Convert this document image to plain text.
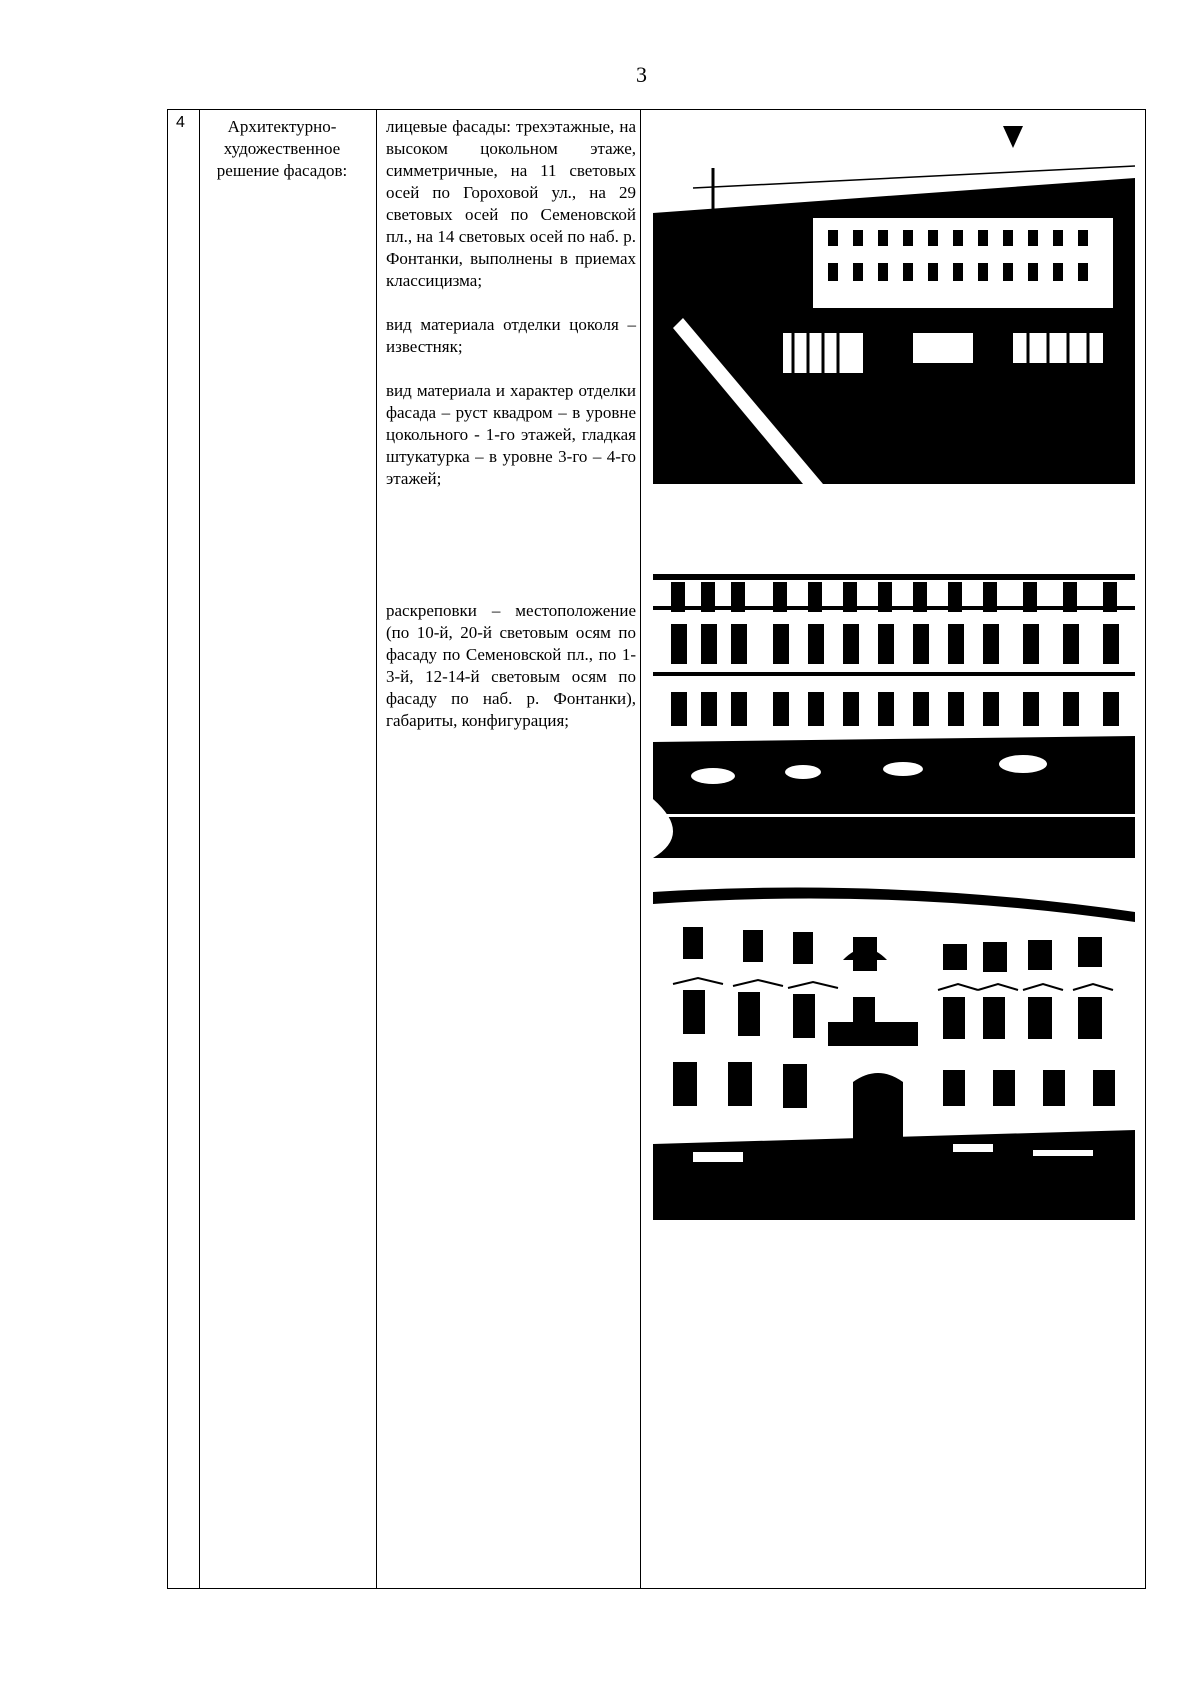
3
4	Архитектурно-
художественное
решение фасадов:

лицевые фасады: трехэтажные, на высоком цокольном этаже, симметричные, на 11 световых осей по Гороховой ул., на 29 световых осей по Семеновской пл., на 14 световых осей по наб. р. Фонтанки, выполнены в приемах классицизма;

вид материала отделки цоколя – известняк;

вид материала и характер отделки фасада – руст квадром – в уровне цокольного - 1-го этажей, гладкая штукатурка – в уровне 3-го – 4-го этажей;

раскреповки – местоположение (по 10-й, 20-й световым осям по фасаду по Семеновской пл., по 1-3-й, 12-14-й световым осям по фасаду по наб. р. Фонтанки), габариты, конфигурация;
